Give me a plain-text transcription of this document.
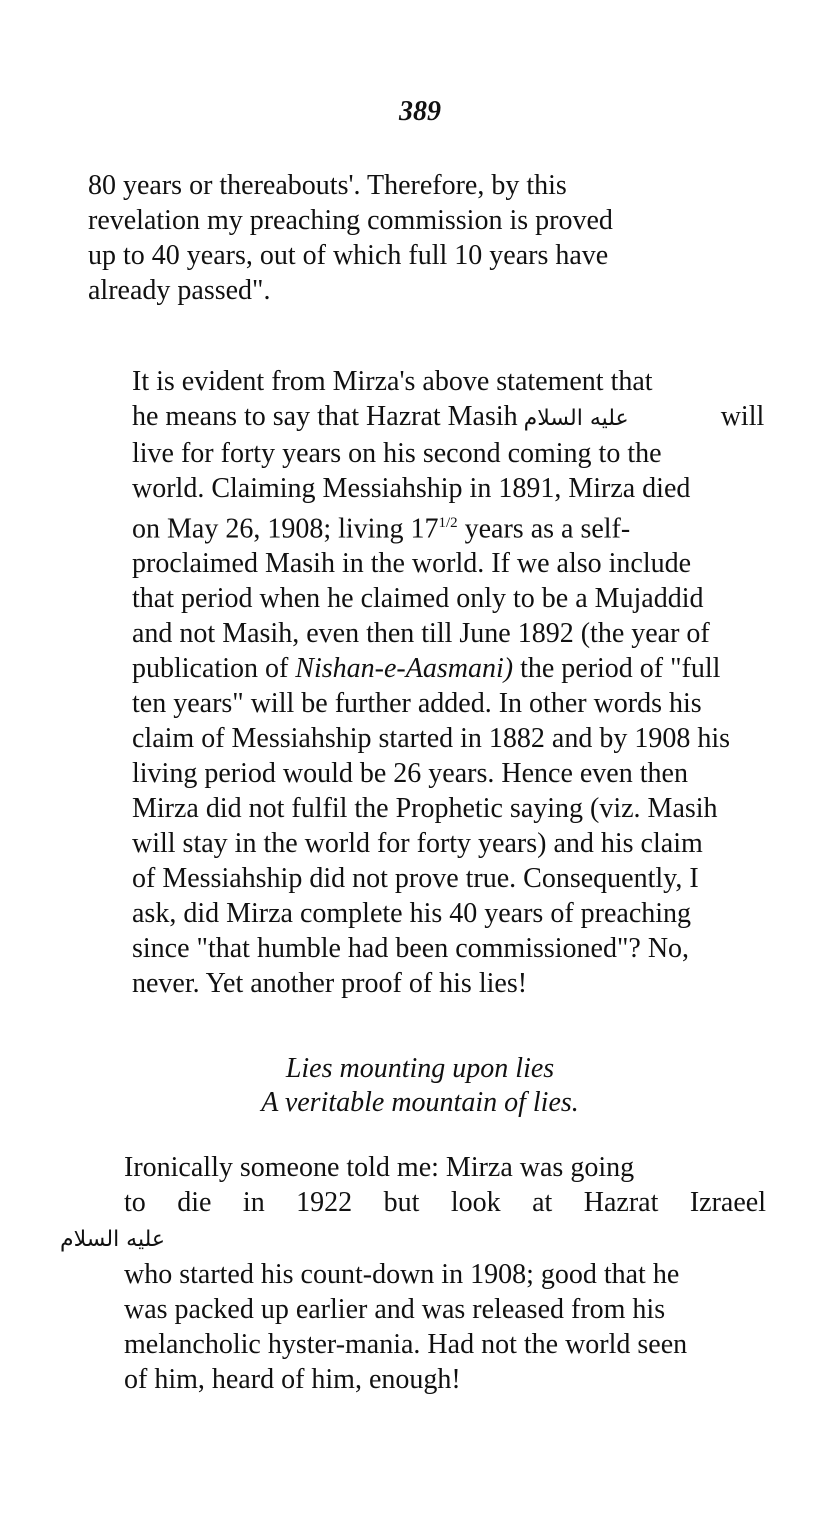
389

80 years or thereabouts'. Therefore, by this
revelation my preaching commission is proved
up to 40 years, out of which full 10 years have
already passed".

It is evident from Mirza's above statement that
he means to say that Hazrat Masih عليه السلام	will
live for forty years on his second coming to the
world. Claiming Messiahship in 1891, Mirza died
on May 26, 1908; living $17^{1/2}$ years as a self-
proclaimed Masih in the world. If we also include
that period when he claimed only to be a Mujaddid
and not Masih, even then till June 1892 (the year of
publication of Nishan-e-Aasmani) the period of "full
ten years" will be further added. In other words his
claim of Messiahship started in 1882 and by 1908 his
living period would be 26 years. Hence even then
Mirza did not fulfil the Prophetic saying (viz. Masih
will stay in the world for forty years) and his claim
of Messiahship did not prove true. Consequently, I
ask, did Mirza complete his 40 years of preaching
since "that humble had been commissioned"? No,
never. Yet another proof of his lies!

Lies mounting upon lies
A veritable mountain of lies.

Ironically someone told me: Mirza was going
to die in 1922 but look at Hazrat Izraeelعليه السلام
who started his count-down in 1908; good that he
was packed up earlier and was released from his
melancholic hyster-mania. Had not the world seen
of him, heard of him, enough!
